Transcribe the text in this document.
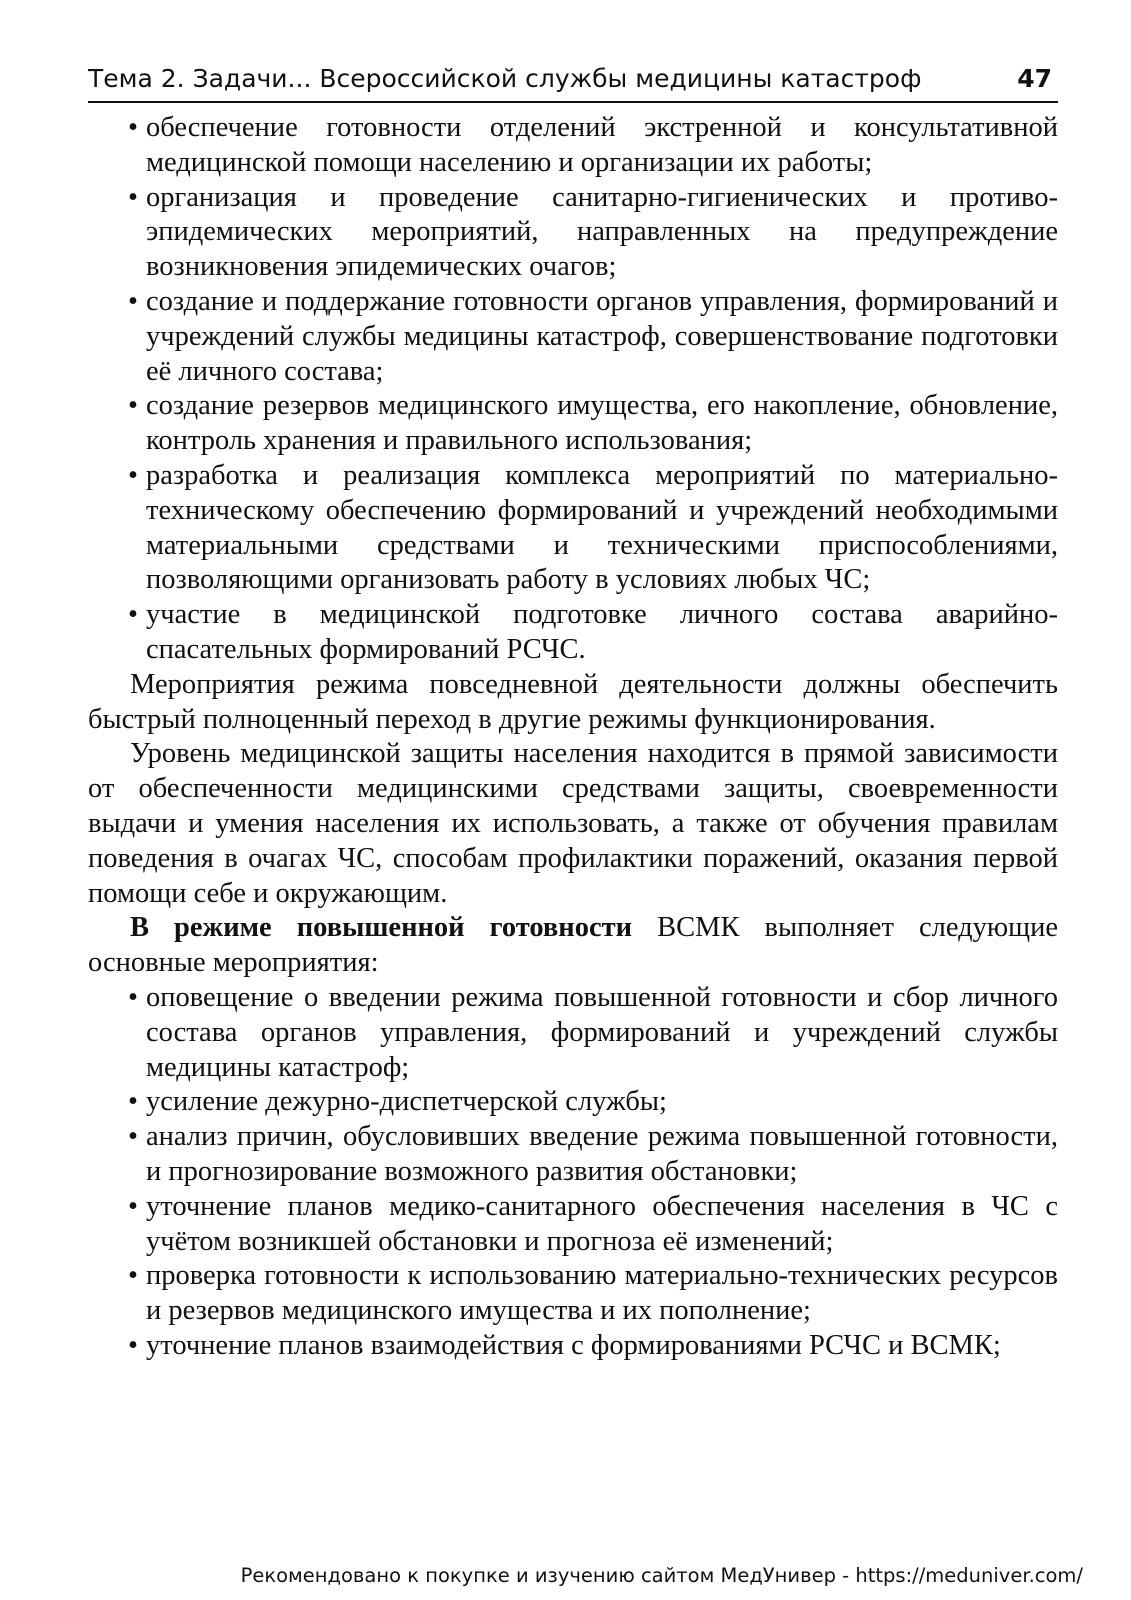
Тема 2. Задачи... Всероссийской службы медицины катастроф	47
• обеспечение готовности отделений экстренной и консультативной медицинской помощи населению и организации их работы;
• организация и проведение санитарно-гигиенических и противоэпидемических мероприятий, направленных на предупреждение возникновения эпидемических очагов;
• создание и поддержание готовности органов управления, формирований и учреждений службы медицины катастроф, совершенствование подготовки её личного состава;
• создание резервов медицинского имущества, его накопление, обновление, контроль хранения и правильного использования;
• разработка и реализация комплекса мероприятий по материально-техническому обеспечению формирований и учреждений необходимыми материальными средствами и техническими приспособлениями, позволяющими организовать работу в условиях любых ЧС;
• участие в медицинской подготовке личного состава аварийно-спасательных формирований РСЧС.

Мероприятия режима повседневной деятельности должны обеспечить быстрый полноценный переход в другие режимы функционирования.

Уровень медицинской защиты населения находится в прямой зависимости от обеспеченности медицинскими средствами защиты, своевременности выдачи и умения населения их использовать, а также от обучения правилам поведения в очагах ЧС, способам профилактики поражений, оказания первой помощи себе и окружающим.

В режиме повышенной готовности ВСМК выполняет следующие основные мероприятия:

• оповещение о введении режима повышенной готовности и сбор личного состава органов управления, формирований и учреждений службы медицины катастроф;
• усиление дежурно-диспетчерской службы;
• анализ причин, обусловивших введение режима повышенной готовности, и прогнозирование возможного развития обстановки;
• уточнение планов медико-санитарного обеспечения населения в ЧС с учётом возникшей обстановки и прогноза её изменений;
• проверка готовности к использованию материально-технических ресурсов и резервов медицинского имущества и их пополнение;
• уточнение планов взаимодействия с формированиями РСЧС и ВСМК;
Рекомендовано к покупке и изучению сайтом МедУнивер - https://meduniver.com/
